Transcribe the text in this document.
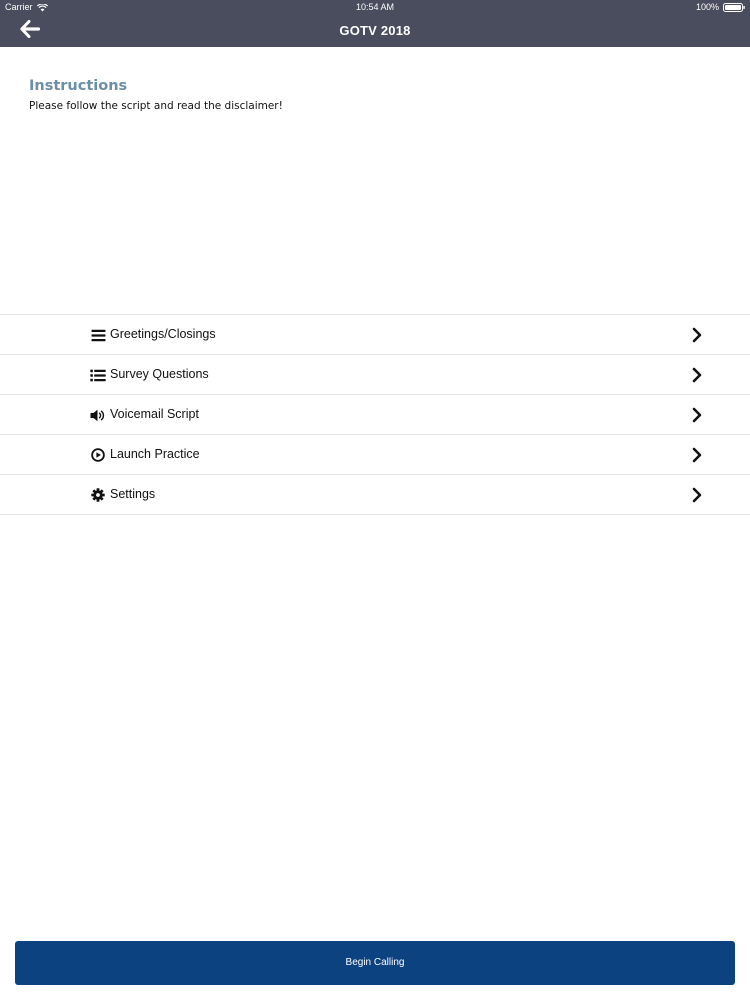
Carrier	10:54 AM	100%
GOTV 2018
Instructions

Please follow the script and read the disclaimer!

Greetings/Closings
Survey Questions
Voicemail Script
Launch Practice
Settings
Begin Calling
